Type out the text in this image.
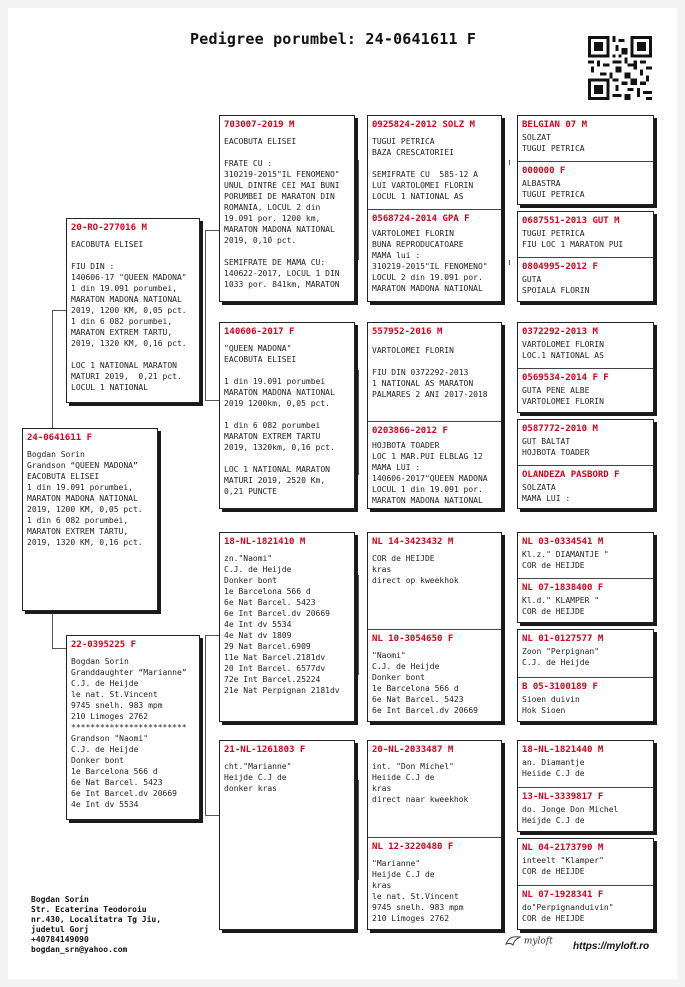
Pedigree porumbel: 24-0641611 F
24-0641611 F
Bogdan Sorin
Grandson “QUEEN MADONA”
EACOBUTA ELISEI
1 din 19.091 porumbei,
MARATON MADONA NATIONAL
2019, 1200 KM, 0,05 pct.
1 din 6 082 porumbei,
MARATON EXTREM TARTU,
2019, 1320 KM, 0,16 pct.
20-RO-277016 M
EACOBUTA ELISEI

FIU DIN :
140606-17 "QUEEN MADONA"
1 din 19.091 porumbei,
MARATON MADONA NATIONAL
2019, 1200 KM, 0,05 pct.
1 din 6 082 porumbei,
MARATON EXTREM TARTU,
2019, 1320 KM, 0,16 pct.

LOC 1 NATIONAL MARATON
MATURI 2019,  0,21 pct.
LOCUL 1 NATIONAL
22-0395225 F
Bogdan Sorin
Granddaughter “Marianne”
C.J. de Heijde
le nat. St.Vincent
9745 snelh. 983 mpm
210 Limoges 2762
************************
Grandson "Naomi"
C.J. de Heijde
Donker bont
1e Barcelona 566 d
6e Nat Barcel. 5423
6e Int Barcel.dv 20669
4e Int dv 5534
703007-2019 M
EACOBUTA ELISEI

FRATE CU :
310219-2015"IL FENOMENO"
UNUL DINTRE CEI MAI BUNI
PORUMBEI DE MARATON DIN
ROMANIA, LOCUL 2 din
19.091 por. 1200 km,
MARATON MADONA NATIONAL
2019, 0,10 pct.

SEMIFRATE DE MAMA CU:
140622-2017, LOCUL 1 DIN
1033 por. 841km, MARATON
140606-2017 F
"QUEEN MADONA"
EACOBUTA ELISEI

1 din 19.091 porumbei
MARATON MADONA NATIONAL
2019 1200km, 0,05 pct.

1 din 6 082 porumbei
MARATON EXTREM TARTU
2019, 1320km, 0,16 pct.

LOC 1 NATIONAL MARATON
MATURI 2019, 2520 Km,
0,21 PUNCTE
18-NL-1821410 M
zn."Naomi"
C.J. de Heijde
Donker bont
1e Barcelona 566 d
6e Nat Barcel. 5423
6e Int Barcel.dv 20669
4e Int dv 5534
4e Nat dv 1809
29 Nat Barcel.6909
11e Nat Barcel.2181dv
20 Int Barcel. 6577dv
72e Int Barcel.25224
21e Nat Perpignan 2181dv
21-NL-1261803 F
cht."Marianne"
Heijde C.J de
donker kras
0925824-2012 SOLZ M
TUGUI PETRICA
BAZA CRESCATORIEI

SEMIFRATE CU  585-12 A
LUI VARTOLOMEI FLORIN
LOCUL 1 NATIONAL AS
0568724-2014 GPA F
VARTOLOMEI FLORIN
BUNA REPRODUCATOARE
MAMA lui :
310219-2015"IL FENOMENO"
LOCUL 2 din 19.091 por.
MARATON MADONA NATIONAL
557952-2016 M
VARTOLOMEI FLORIN

FIU DIN 0372292-2013
1 NATIONAL AS MARATON
PALMARES 2 ANI 2017-2018
0203866-2012 F
HOJBOTA TOADER
LOC 1 MAR.PUI ELBLAG 12
MAMA LUI :
140606-2017"QUEEN MADONA
LOCUL 1 din 19.091 por.
MARATON MADONA NATIONAL
NL 14-3423432 M
COR de HEIJDE
kras
direct op kweekhok
NL 10-3054650 F
"Naomi"
C.J. de Heijde
Donker bont
1e Barcelona 566 d
6e Nat Barcel. 5423
6e Int Barcel.dv 20669
20-NL-2033487 M
int. "Don Michel"
Heiide C.J de
kras
direct naar kweekhok
NL 12-3220480 F
"Marianne"
Heijde C.J de
kras
le nat. St.Vincent
9745 snelh. 983 mpm
210 Limoges 2762
BELGIAN 07 M
SOLZAT
TUGUI PETRICA
000000 F
ALBASTRA
TUGUI PETRICA
0687551-2013 GUT M
TUGUI PETRICA
FIU LOC 1 MARATON PUI
0804995-2012 F
GUTA
SPOIALA FLORIN
0372292-2013 M
VARTOLOMEI FLORIN
LOC.1 NATIONAL AS
0569534-2014 F F
GUTA PENE ALBE
VARTOLOMEI FLORIN
0587772-2010 M
GUT BALTAT
HOJBOTA TOADER
OLANDEZA PASBORD F
SOLZATA
MAMA LUI :
NL 03-0334541 M
Kl.z." DIAMANTJE "
COR de HEIJDE
NL 07-1838400 F
Kl.d." KLAMPER "
COR de HEIJDE
NL 01-0127577 M
Zoon "Perpignan"
C.J. de Heijde
B 05-3100189 F
Sioen duivin
Hok Sioen
18-NL-1821440 M
an. Diamantje
Heiide C.J de
13-NL-3339817 F
do. Jonge Don Michel
Heijde C.J de
NL 04-2173790 M
inteelt "Klamper"
COR de HEIJDE
NL 07-1928341 F
do"Perpignanduivin"
COR de HEIJDE
Bogdan Sorin
Str. Ecaterina Teodoroiu
nr.430, Localitatra Tg Jiu,
judetul Gorj
+40784149090
bogdan_srn@yahoo.com
myloft https://myloft.ro
